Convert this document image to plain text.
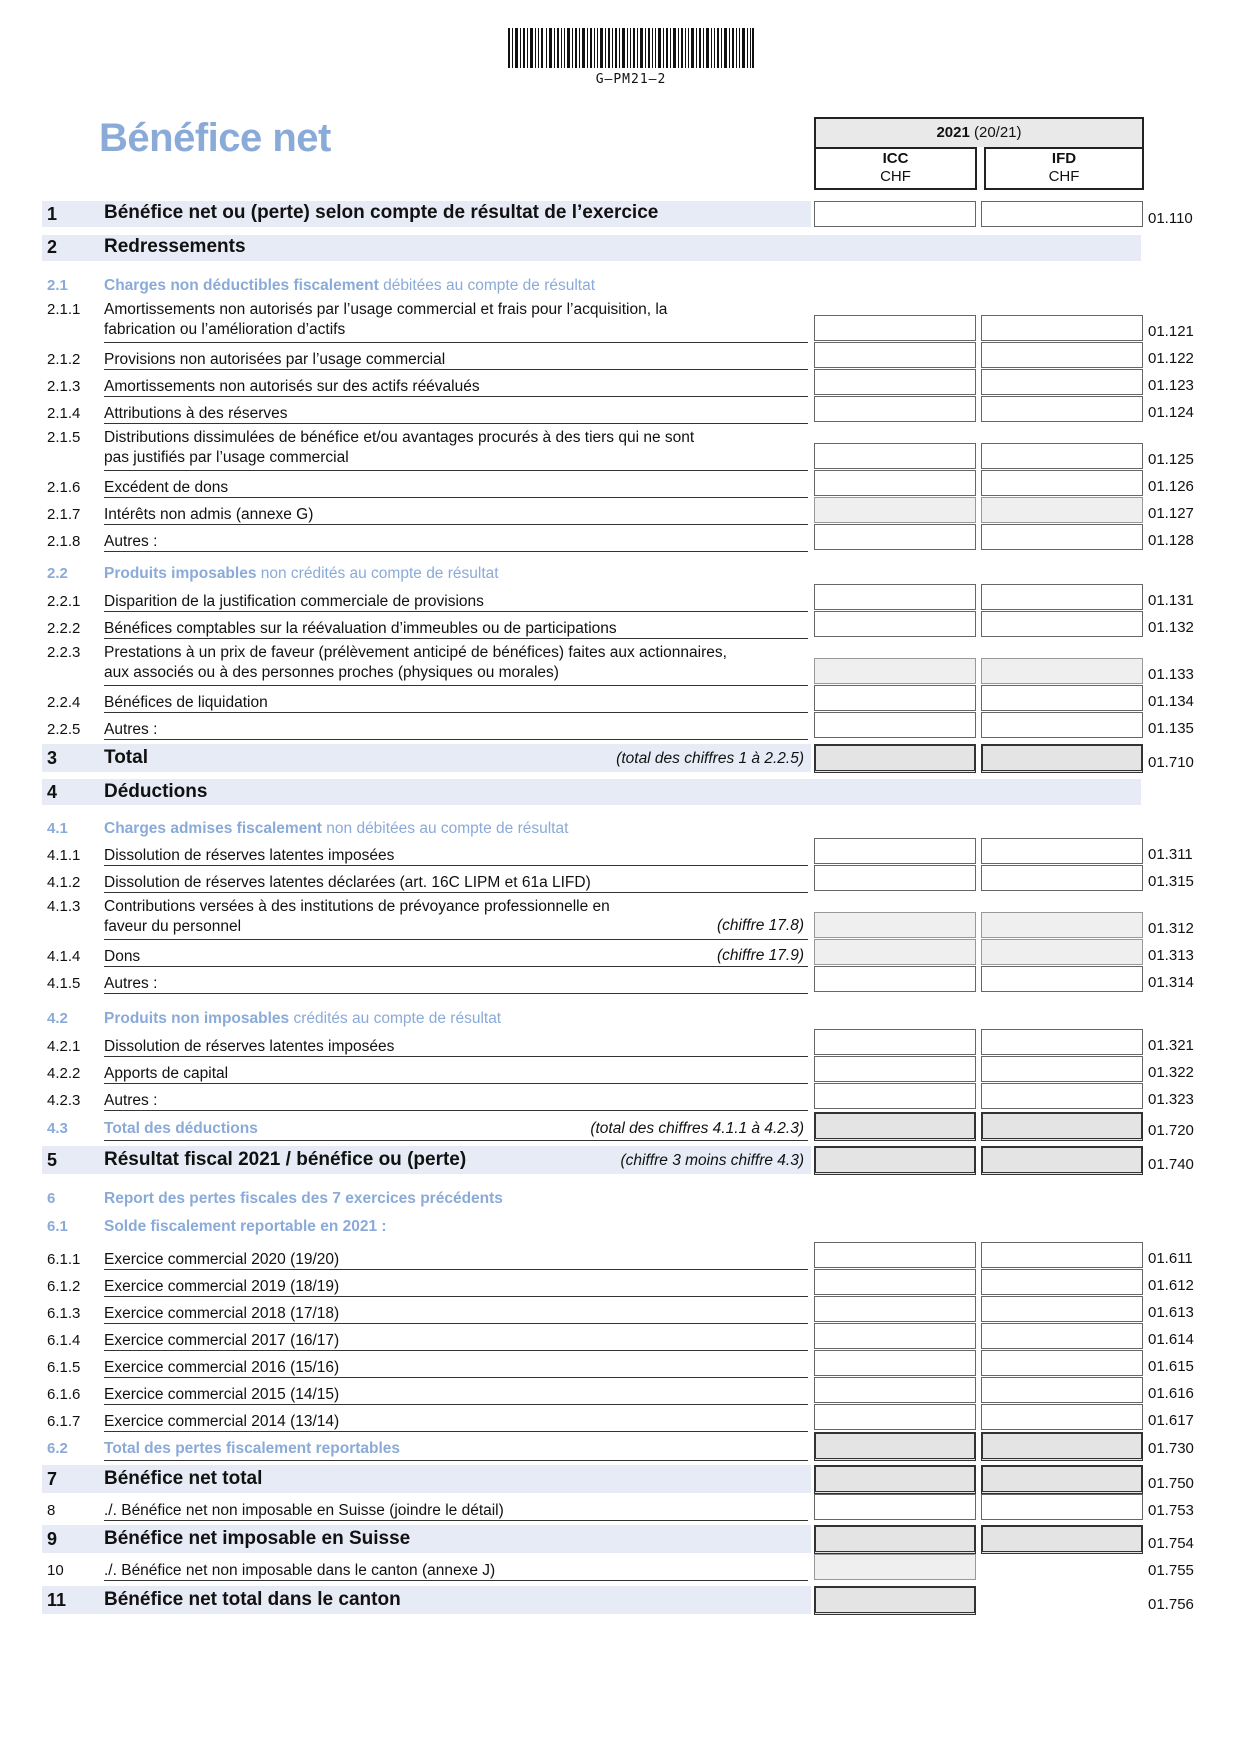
G–PM21–2
Bénéfice net	2021 (20/21)
ICC
CHF
IFD
CHF
1 Bénéfice net ou (perte) selon compte de résultat de l’exercice	01.110
2 Redressements
2.1 Charges non déductibles fiscalement débitées au compte de résultat
2.1.1 Amortissements non autorisés par l’usage commercial et frais pour l’acquisition, la
fabrication ou l’amélioration d’actifs	01.121
2.1.2 Provisions non autorisées par l’usage commercial	01.122
2.1.3 Amortissements non autorisés sur des actifs réévalués	01.123
2.1.4 Attributions à des réserves	01.124
2.1.5 Distributions dissimulées de bénéfice et/ou avantages procurés à des tiers qui ne sont
pas justifiés par l’usage commercial	01.125
2.1.6 Excédent de dons	01.126
2.1.7 Intérêts non admis (annexe G)	01.127
2.1.8 Autres :	01.128
2.2 Produits imposables non crédités au compte de résultat
2.2.1 Disparition de la justification commerciale de provisions	01.131
2.2.2 Bénéfices comptables sur la réévaluation d’immeubles ou de participations	01.132
2.2.3 Prestations à un prix de faveur (prélèvement anticipé de bénéfices) faites aux actionnaires,
aux associés ou à des personnes proches (physiques ou morales)	01.133
2.2.4 Bénéfices de liquidation	01.134
2.2.5 Autres :	01.135
3 Total	(total des chiffres 1 à 2.2.5)	01.710
4 Déductions
4.1 Charges admises fiscalement non débitées au compte de résultat
4.1.1 Dissolution de réserves latentes imposées	01.311
4.1.2 Dissolution de réserves latentes déclarées (art. 16C LIPM et 61a LIFD)	01.315
4.1.3 Contributions versées à des institutions de prévoyance professionnelle en
faveur du personnel	(chiffre 17.8)	01.312
4.1.4 Dons	(chiffre 17.9)	01.313
4.1.5 Autres :	01.314
4.2 Produits non imposables crédités au compte de résultat
4.2.1 Dissolution de réserves latentes imposées	01.321
4.2.2 Apports de capital	01.322
4.2.3 Autres :	01.323
4.3 Total des déductions	(total des chiffres 4.1.1 à 4.2.3)	01.720
5 Résultat fiscal 2021 / bénéfice ou (perte)	(chiffre 3 moins chiffre 4.3)	01.740
6	Report des pertes fiscales des 7 exercices précédents
6.1 Solde fiscalement reportable en 2021 :
6.1.1 Exercice commercial 2020 (19/20)	01.611
6.1.2 Exercice commercial 2019 (18/19)	01.612
6.1.3 Exercice commercial 2018 (17/18)	01.613
6.1.4 Exercice commercial 2017 (16/17)	01.614
6.1.5 Exercice commercial 2016 (15/16)	01.615
6.1.6 Exercice commercial 2015 (14/15)	01.616
6.1.7 Exercice commercial 2014 (13/14)	01.617
6.2 Total des pertes fiscalement reportables	01.730
7 Bénéfice net total	01.750
8	./. Bénéfice net non imposable en Suisse (joindre le détail)	01.753
9 Bénéfice net imposable en Suisse	01.754
10	./. Bénéfice net non imposable dans le canton (annexe J)	01.755
11 Bénéfice net total dans le canton	01.756
